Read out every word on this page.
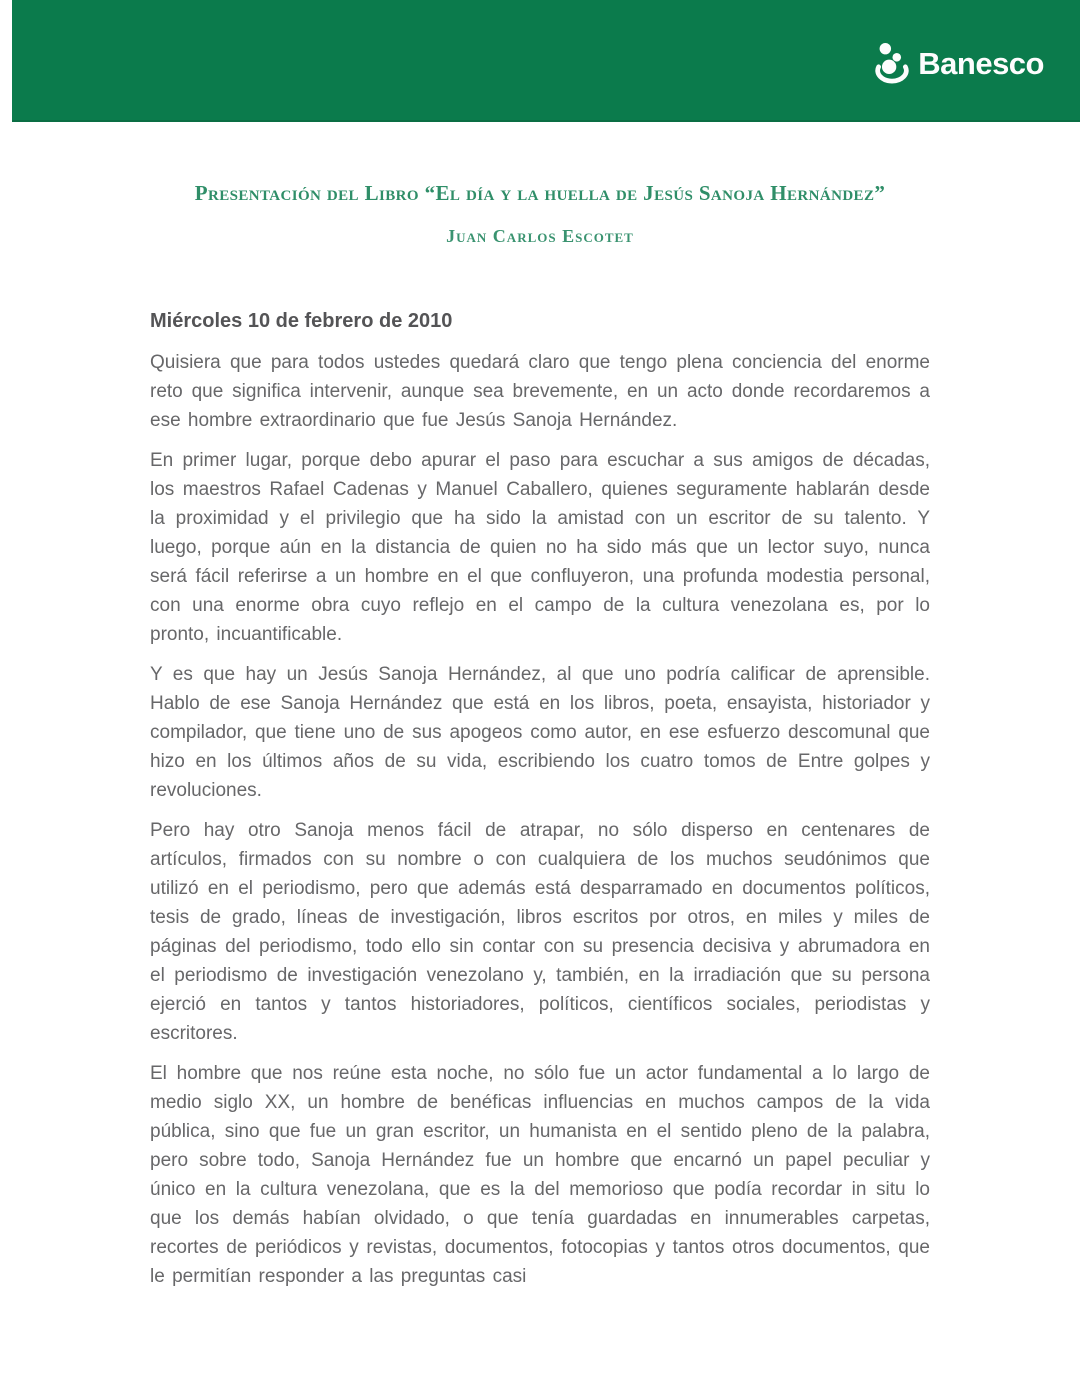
Banesco
Presentación del Libro “El día y la huella de Jesús Sanoja Hernández”
Juan Carlos Escotet
Miércoles 10 de febrero de 2010

Quisiera que para todos ustedes quedará claro que tengo plena conciencia del enorme reto que significa intervenir, aunque sea brevemente, en un acto donde recordaremos a ese hombre extraordinario que fue Jesús Sanoja Hernández.

En primer lugar, porque debo apurar el paso para escuchar a sus amigos de décadas, los maestros Rafael Cadenas y Manuel Caballero, quienes seguramente hablarán desde la proximidad y el privilegio que ha sido la amistad con un escritor de su talento. Y luego, porque aún en la distancia de quien no ha sido más que un lector suyo, nunca será fácil referirse a un hombre en el que confluyeron, una profunda modestia personal, con una enorme obra cuyo reflejo en el campo de la cultura venezolana es, por lo pronto, incuantificable.

Y es que hay un Jesús Sanoja Hernández, al que uno podría calificar de aprensible. Hablo de ese Sanoja Hernández que está en los libros, poeta, ensayista, historiador y compilador, que tiene uno de sus apogeos como autor, en ese esfuerzo descomunal que hizo en los últimos años de su vida, escribiendo los cuatro tomos de Entre golpes y revoluciones.

Pero hay otro Sanoja menos fácil de atrapar, no sólo disperso en centenares de artículos, firmados con su nombre o con cualquiera de los muchos seudónimos que utilizó en el periodismo, pero que además está desparramado en documentos políticos, tesis de grado, líneas de investigación, libros escritos por otros, en miles y miles de páginas del periodismo, todo ello sin contar con su presencia decisiva y abrumadora en el periodismo de investigación venezolano y, también, en la irradiación que su persona ejerció en tantos y tantos historiadores, políticos, científicos sociales, periodistas y escritores.

El hombre que nos reúne esta noche, no sólo fue un actor fundamental a lo largo de medio siglo XX, un hombre de benéficas influencias en muchos campos de la vida pública, sino que fue un gran escritor, un humanista en el sentido pleno de la palabra, pero sobre todo, Sanoja Hernández fue un hombre que encarnó un papel peculiar y único en la cultura venezolana, que es la del memorioso que podía recordar in situ lo que los demás habían olvidado, o que tenía guardadas en innumerables carpetas, recortes de periódicos y revistas, documentos, fotocopias y tantos otros documentos, que le permitían responder a las preguntas casi
